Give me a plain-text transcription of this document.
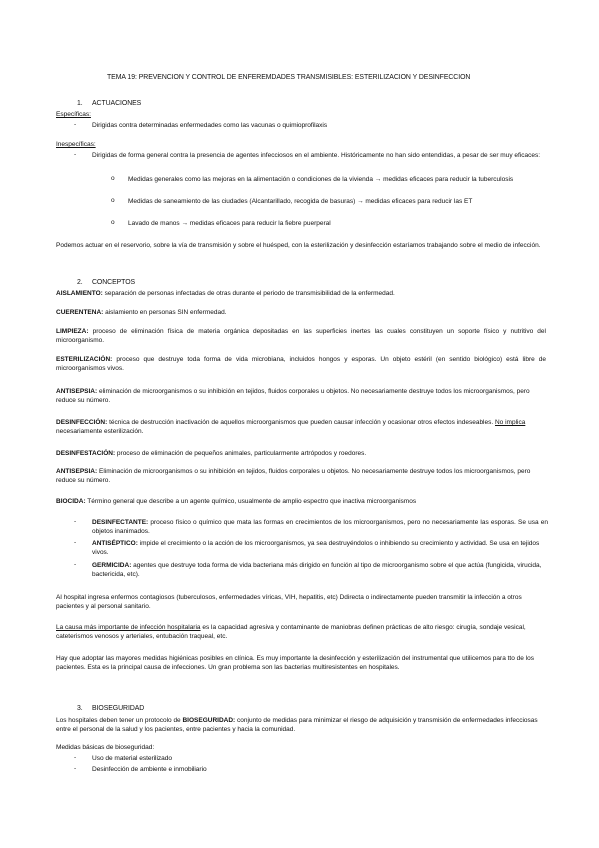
TEMA 19: PREVENCION Y CONTROL DE ENFEREMDADES TRANSMISIBLES: ESTERILIZACION Y DESINFECCION
1. ACTUACIONES
Específicas:
- Dirigidas contra determinadas enfermedades como las vacunas o quimioprofilaxis
Inespecíficas:
- Dirigidas de forma general contra la presencia de agentes infecciosos en el ambiente. Históricamente no han sido entendidas, a pesar de ser muy eficaces:
o Medidas generales como las mejoras en la alimentación o condiciones de la vivienda → medidas eficaces para reducir la tuberculosis
o Medidas de saneamiento de las ciudades (Alcantarillado, recogida de basuras) → medidas eficaces para reducir las ET
o Lavado de manos → medidas eficaces para reducir la fiebre puerperal
Podemos actuar en el reservorio, sobre la vía de transmisión y sobre el huésped, con la esterilización y desinfección estaríamos trabajando sobre el medio de infección.
2. CONCEPTOS
AISLAMIENTO: separación de personas infectadas de otras durante el periodo de transmisibilidad de la enfermedad.
CUERENTENA: aislamiento en personas SIN enfermedad.
LIMPIEZA: proceso de eliminación física de materia orgánica depositadas en las superficies inertes las cuales constituyen un soporte físico y nutritivo del microorganismo.
ESTERILIZACIÓN: proceso que destruye toda forma de vida microbiana, incluidos hongos y esporas. Un objeto estéril (en sentido biológico) está libre de microorganismos vivos.
ANTISEPSIA: eliminación de microorganismos o su inhibición en tejidos, fluidos corporales u objetos. No necesariamente destruye todos los microorganismos, pero reduce su número.
DESINFECCIÓN: técnica de destrucción inactivación de aquellos microorganismos que pueden causar infección y ocasionar otros efectos indeseables. No implica necesariamente esterilización.
DESINFESTACIÓN: proceso de eliminación de pequeños animales, particularmente artrópodos y roedores.
ANTISEPSIA: Eliminación de microorganismos o su inhibición en tejidos, fluidos corporales u objetos. No necesariamente destruye todos los microorganismos, pero reduce su número.
BIOCIDA: Término general que describe a un agente químico, usualmente de amplio espectro que inactiva microorganismos
- DESINFECTANTE: proceso físico o químico que mata las formas en crecimientos de los microorganismos, pero no necesariamente las esporas. Se usa en objetos inanimados.
- ANTISÉPTICO: impide el crecimiento o la acción de los microorganismos, ya sea destruyéndolos o inhibiendo su crecimiento y actividad. Se usa en tejidos vivos.
- GERMICIDA: agentes que destruye toda forma de vida bacteriana más dirigido en función al tipo de microorganismo sobre el que actúa (fungicida, virucida, bactericida, etc).
Al hospital ingresa enfermos contagiosos (tuberculosos, enfermedades víricas, VIH, hepatitis, etc) Ddirecta o indirectamente pueden transmitir la infección a otros pacientes y al personal sanitario.
La causa más importante de infección hospitalaria es la capacidad agresiva y contaminante de maniobras definen prácticas de alto riesgo: cirugía, sondaje vesical, cateterismos venosos y arteriales, entubación traqueal, etc.
Hay que adoptar las mayores medidas higiénicas posibles en clínica. Es muy importante la desinfección y esterilización del instrumental que utilicemos para tto de los pacientes. Esta es la principal causa de infecciones. Un gran problema son las bacterias multiresistentes en hospitales.
3. BIOSEGURIDAD
Los hospitales deben tener un protocolo de BIOSEGURIDAD: conjunto de medidas para minimizar el riesgo de adquisición y transmisión de enfermedades infecciosas entre el personal de la salud y los pacientes, entre pacientes y hacia la comunidad.
Medidas básicas de bioseguridad:
- Uso de material esterilizado
- Desinfección de ambiente e inmobiliario
